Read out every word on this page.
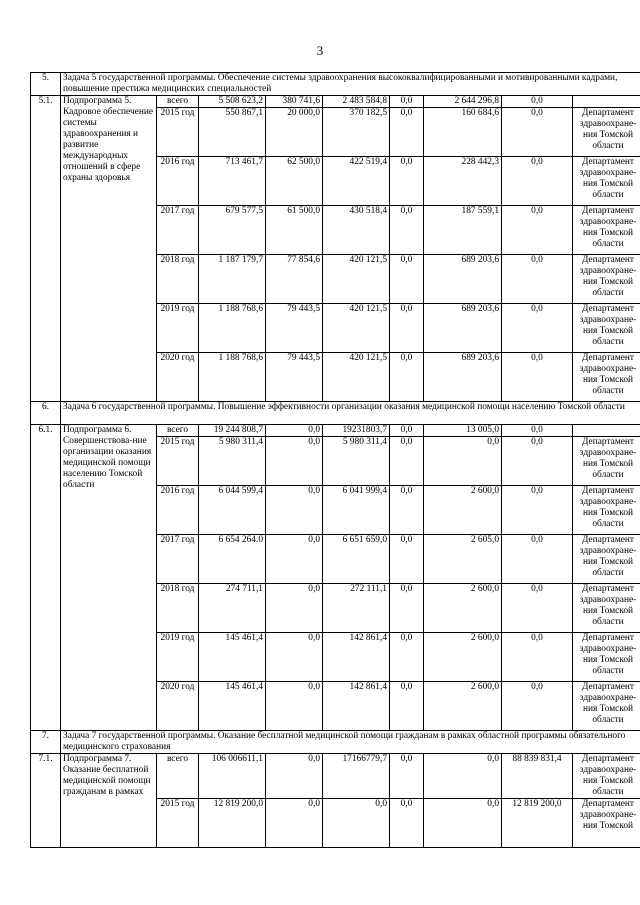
3
5.	Задача 5 государственной программы. Обеспечение системы здравоохранения высококвалифицированными и мотивированными кадрами, повышение престижа медицинских специальностей								
5.1.	Подпрограмма 5. Кадровое обеспечение системы здравоохранения и развитие международных отношений в сфере охраны здоровья	всего	5 508 623,2	380 741,6	2 483 584,8	0,0	2 644 296,8	0,0	
		2015 год	550 867,1	20 000,0	370 182,5	0,0	160 684,6	0,0	Департамент здравоохране-ния Томской области
		2016 год	713 461,7	62 500,0	422 519,4	0,0	228 442,3	0,0	Департамент здравоохране-ния Томской области
		2017 год	679 577,5	61 500,0	430 518,4	0,0	187 559,1	0,0	Департамент здравоохране-ния Томской области
		2018 год	1 187 179,7	77 854,6	420 121,5	0,0	689 203,6	0,0	Департамент здравоохране-ния Томской области
		2019 год	1 188 768,6	79 443,5	420 121,5	0,0	689 203,6	0,0	Департамент здравоохране-ния Томской области
		2020 год	1 188 768,6	79 443,5	420 121,5	0,0	689 203,6	0,0	Департамент здравоохране-ния Томской области
6.	Задача 6 государственной программы. Повышение эффективности организации оказания медицинской помощи населению Томской области								
6.1.	Подпрограмма 6. Совершенствова-ние организации оказания медицинской помощи населению Томской области	всего	19 244 808,7	0,0	19231803,7	0,0	13 005,0	0,0	
		2015 год	5 980 311,4	0,0	5 980 311,4	0,0	0,0	0,0	Департамент здравоохране-ния Томской области
		2016 год	6 044 599,4	0,0	6 041 999,4	0,0	2 600,0	0,0	Департамент здравоохране-ния Томской области
		2017 год	6 654 264.0	0,0	6 651 659,0	0,0	2 605,0	0,0	Департамент здравоохране-ния Томской области
		2018 год	274 711,1	0,0	272 111,1	0,0	2 600,0	0,0	Департамент здравоохране-ния Томской области
		2019 год	145 461,4	0,0	142 861,4	0,0	2 600,0	0,0	Департамент здравоохране-ния Томской области
		2020 год	145 461,4	0,0	142 861,4	0,0	2 600,0	0,0	Департамент здравоохране-ния Томской области
7.	Задача 7 государственной программы. Оказание бесплатной медицинской помощи гражданам в рамках областной программы обязательного медицинского страхования								
7.1.	Подпрограмма 7. Оказание бесплатной медицинской помощи гражданам в рамках	всего	106 006611,1	0,0	17166779,7	0,0	0,0	88 839 831,4	Департамент здравоохране-ния Томской области
		2015 год	12 819 200,0	0,0	0,0	0,0	0,0	12 819 200,0	Департамент здравоохране-ния Томской
